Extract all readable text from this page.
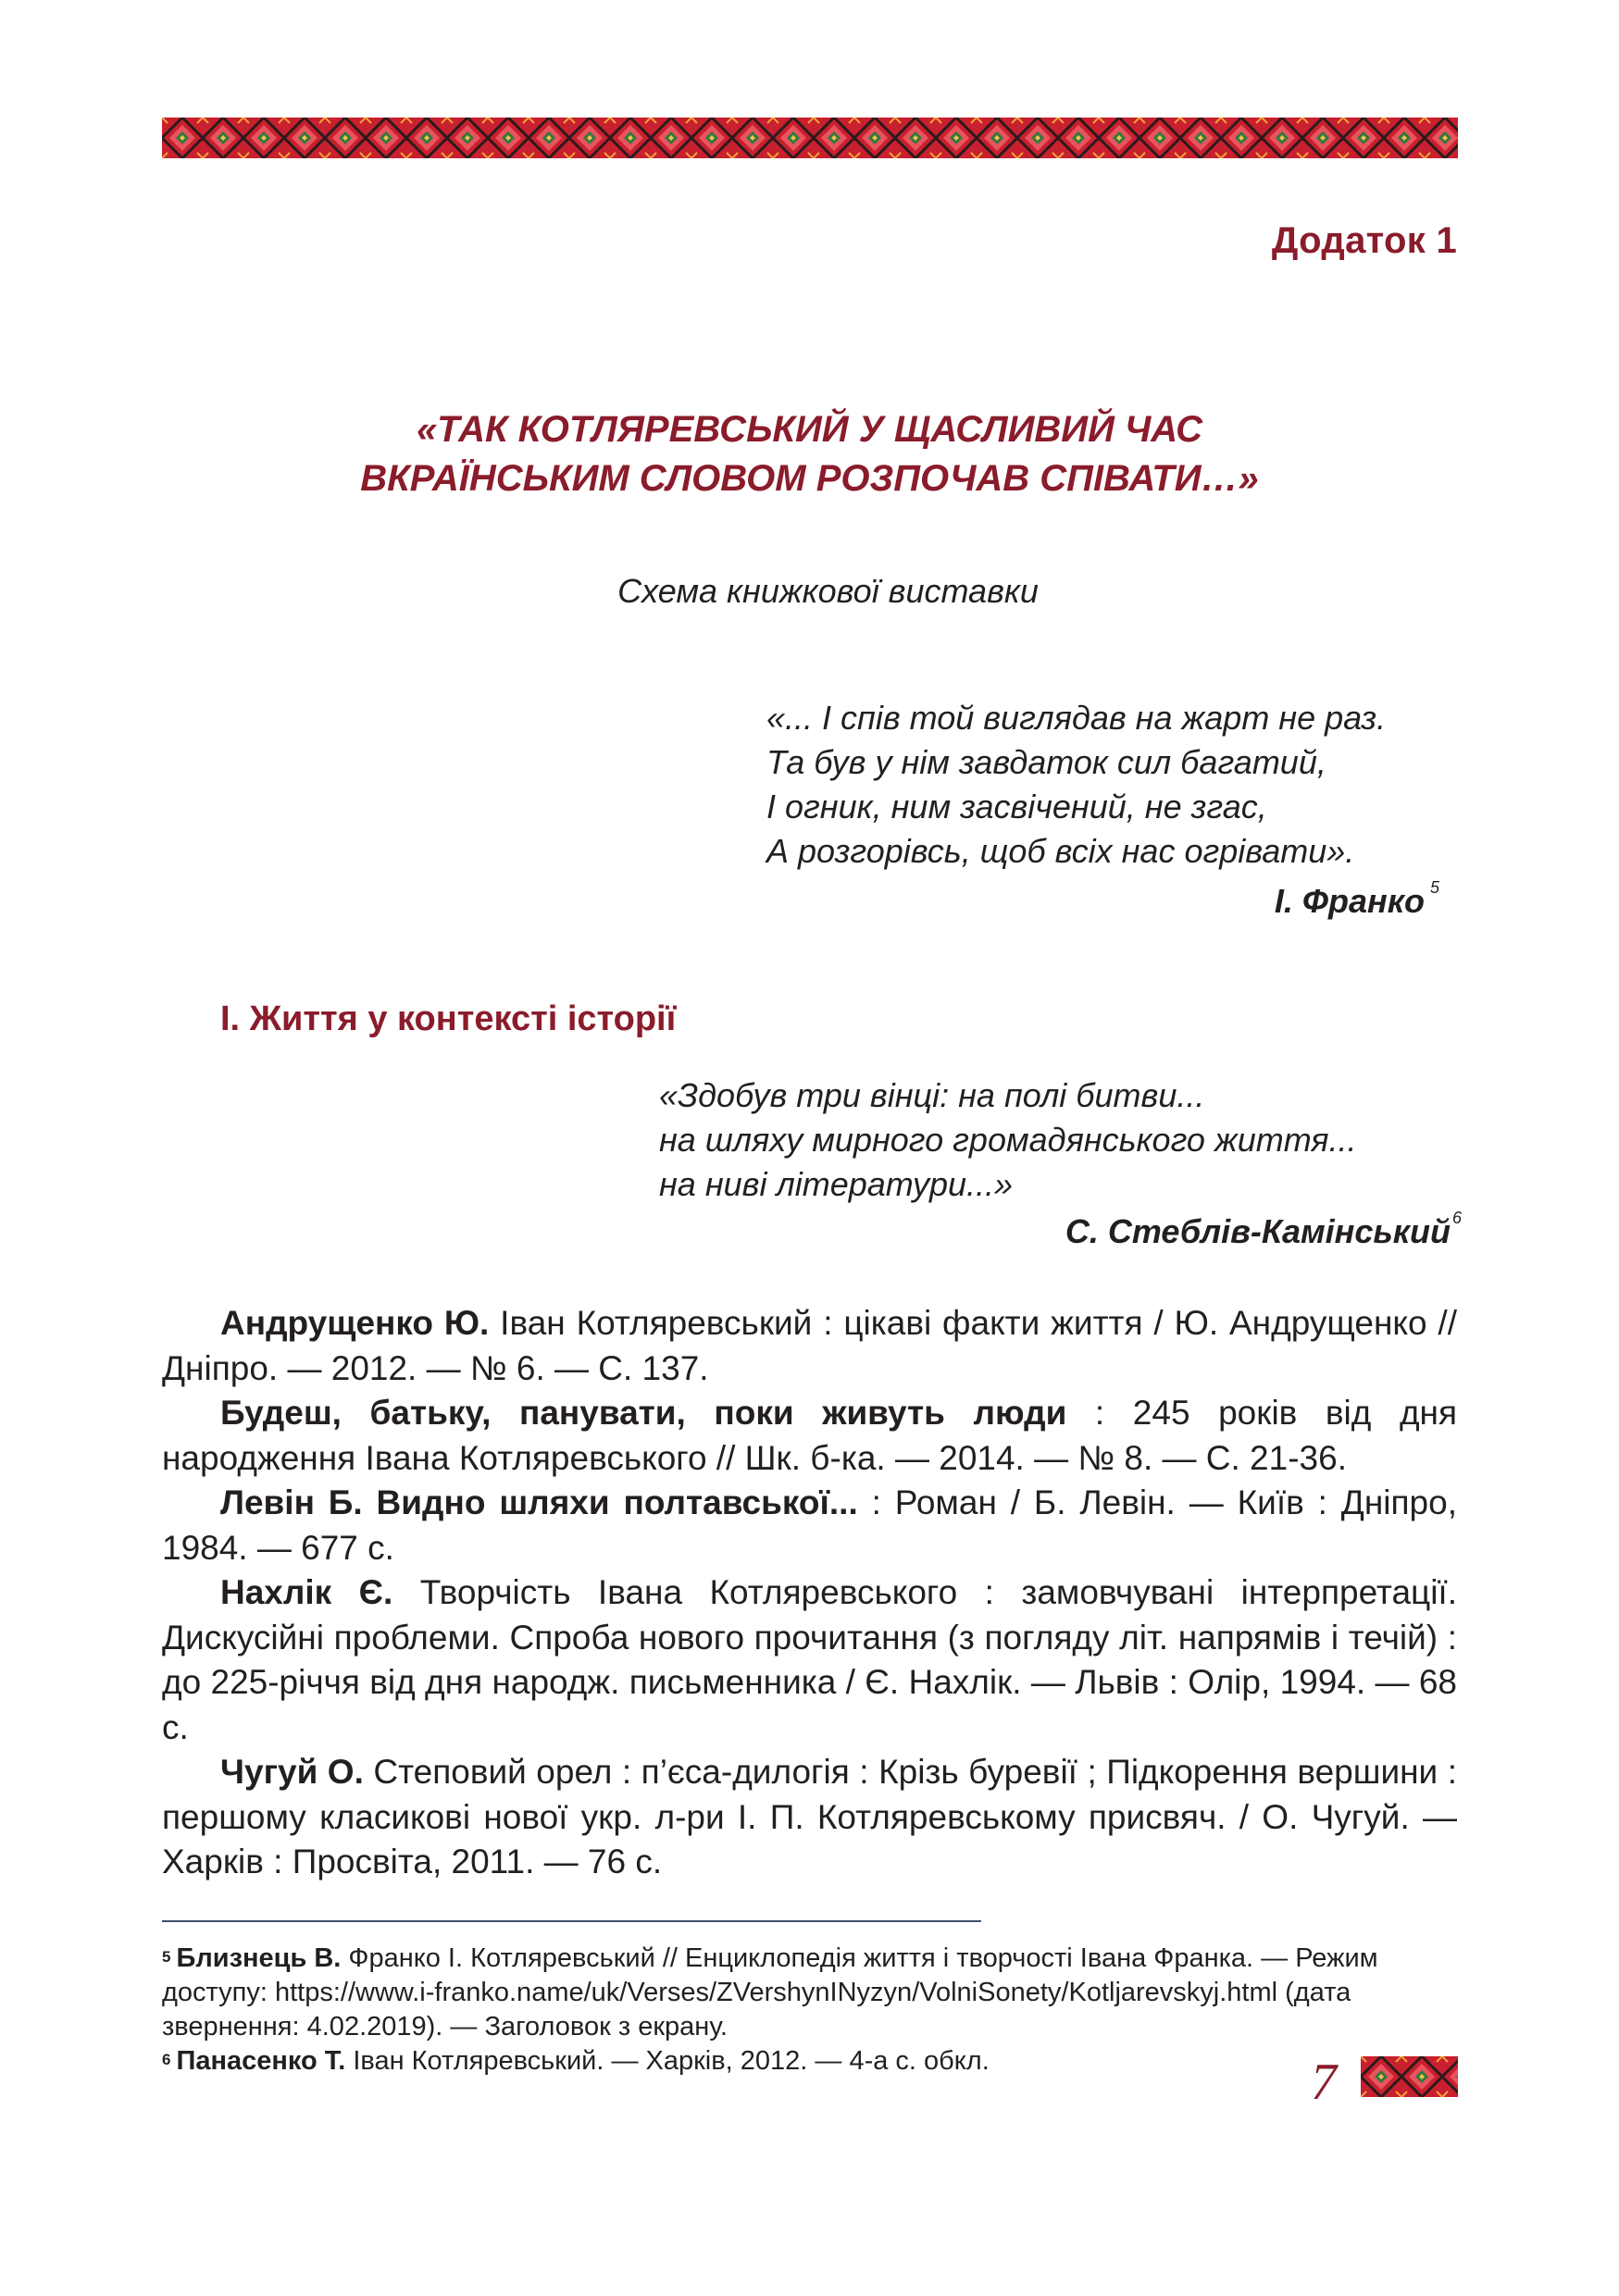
Додаток 1
«ТАК КОТЛЯРЕВСЬКИЙ У ЩАСЛИВИЙ ЧАС
ВКРАЇНСЬКИМ СЛОВОМ РОЗПОЧАВ СПІВАТИ…»
Схема книжкової виставки
«... І спів той виглядав на жарт не раз.
Та був у нім завдаток сил багатий,
І огник, ним засвічений, не згас,
А розгорівсь, щоб всіх нас огрівати».
І. Франко $^5$
І. Життя у контексті історії
«Здобув три вінці: на полі битви...
на шляху мирного громадянського життя...
на ниві літератури...»
С. Стеблів-Камінський $^6$

Андрущенко Ю. Іван Котляревський : цікаві факти життя / Ю. Андрущенко // Дніпро. — 2012. — № 6. — С. 137.

Будеш, батьку, панувати, поки живуть люди : 245 років від дня народження Івана Котляревського // Шк. б-ка. — 2014. — № 8. — С. 21-36.

Левін Б. Видно шляхи полтавської... : Роман / Б. Левін. — Київ : Дніпро, 1984. — 677 с.

Нахлік Є. Творчість Івана Котляревського : замовчувані інтерпретації. Дискусійні проблеми. Спроба нового прочитання (з погляду літ. напрямів і течій) : до 225-річчя від дня народж. письменника / Є. Нахлік. — Львів : Олір, 1994. — 68 с.

Чугуй О. Степовий орел : п’єса-дилогія : Крізь буревії ; Підкорення вершини : першому класикові нової укр. л-ри І. П. Котляревському присвяч. / О. Чугуй. — Харків : Просвіта, 2011. — 76 с.

$^5$ Близнець В. Франко І. Котляревський // Енциклопедія життя і творчості Івана Франка. — Режим доступу: https://www.i-franko.name/uk/Verses/ZVershynINyzyn/VolniSonety/Kotljarevskyj.html (дата звернення: 4.02.2019). — Заголовок з екрану.

$^6$ Панасенко Т. Іван Котляревський. — Харків, 2012. — 4-а с. обкл.	7
